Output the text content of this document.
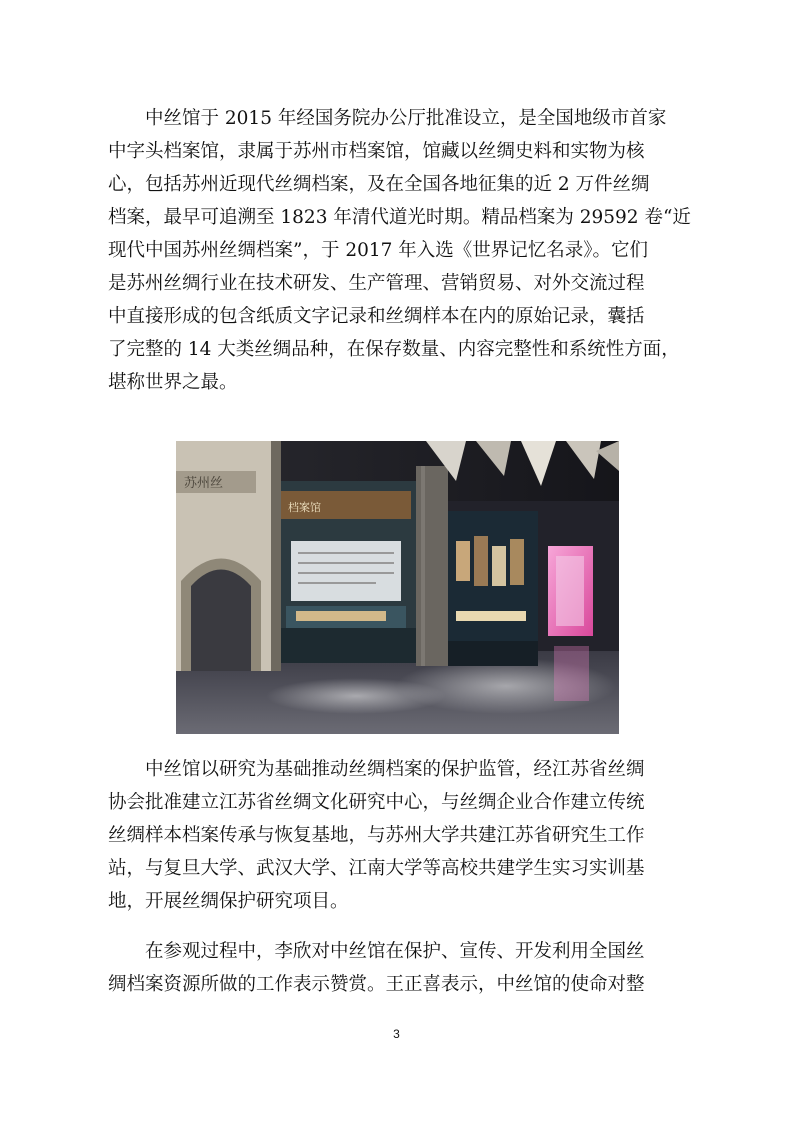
中丝馆于 2015 年经国务院办公厅批准设立，是全国地级市首家
中字头档案馆，隶属于苏州市档案馆，馆藏以丝绸史料和实物为核
心，包括苏州近现代丝绸档案，及在全国各地征集的近 2 万件丝绸
档案，最早可追溯至 1823 年清代道光时期。精品档案为 29592 卷“近
现代中国苏州丝绸档案”，于 2017 年入选《世界记忆名录》。它们
是苏州丝绸行业在技术研发、生产管理、营销贸易、对外交流过程
中直接形成的包含纸质文字记录和丝绸样本在内的原始记录，囊括
了完整的 14 大类丝绸品种，在保存数量、内容完整性和系统性方面，
堪称世界之最。
苏州丝
档案馆
中丝馆以研究为基础推动丝绸档案的保护监管，经江苏省丝绸
协会批准建立江苏省丝绸文化研究中心，与丝绸企业合作建立传统
丝绸样本档案传承与恢复基地，与苏州大学共建江苏省研究生工作
站，与复旦大学、武汉大学、江南大学等高校共建学生实习实训基
地，开展丝绸保护研究项目。
在参观过程中，李欣对中丝馆在保护、宣传、开发利用全国丝
绸档案资源所做的工作表示赞赏。王正喜表示，中丝馆的使命对整
3
